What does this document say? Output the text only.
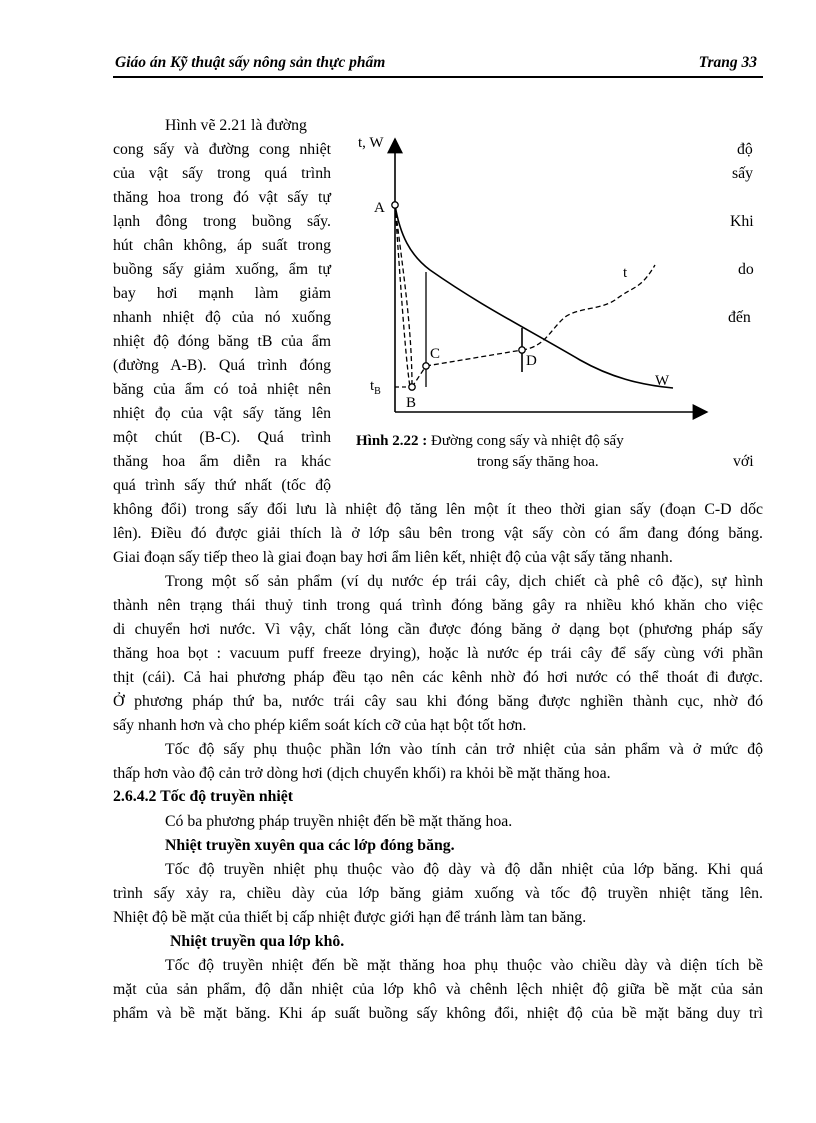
Giáo án Kỹ thuật sấy nông sản thực phẩm	Trang 33
Hình vẽ 2.21 là đường
cong sấy và đường cong nhiệt
của vật sấy trong quá trình
thăng hoa trong đó vật sấy tự
lạnh đông trong buồng sấy.
hút chân không, áp suất trong
buồng sấy giảm xuống, ẩm tự
bay hơi mạnh làm giảm
nhanh nhiệt độ của nó xuống
nhiệt độ đóng băng tB của ẩm
(đường A-B). Quá trình đóng
băng của ẩm có toả nhiệt nên
nhiệt đọ của vật sấy tăng lên
một chút (B-C). Quá trình
thăng hoa ẩm diễn ra khác
quá trình sấy thứ nhất (tốc độ
độ
sấy
Khi
do
đến
với
t, W
W
t
$t_B$
A
B
C	D
Hình 2.22 : Đường cong sấy và nhiệt độ sấy
trong sấy thăng hoa.
không đổi) trong sấy đối lưu là nhiệt độ tăng lên một ít theo thời gian sấy (đoạn C-D dốc
lên). Điều đó được giải thích là ở lớp sâu bên trong vật sấy còn có ẩm đang đóng băng.
Giai đoạn sấy tiếp theo là giai đoạn bay hơi ẩm liên kết, nhiệt độ của vật sấy tăng nhanh.
Trong một số sản phẩm (ví dụ nước ép trái cây, dịch chiết cà phê cô đặc), sự hình
thành nên trạng thái thuỷ tinh trong quá trình đóng băng gây ra nhiều khó khăn cho việc
di chuyển hơi nước. Vì vậy, chất lỏng cần được đóng băng ở dạng bọt (phương pháp sấy
thăng hoa bọt : vacuum puff freeze drying), hoặc là nước ép trái cây để sấy cùng với phần
thịt (cái). Cả hai phương pháp đều tạo nên các kênh nhờ đó hơi nước có thể thoát đi được.
Ở phương pháp thứ ba, nước trái cây sau khi đóng băng được nghiền thành cục, nhờ đó
sấy nhanh hơn và cho phép kiểm soát kích cỡ của hạt bột tốt hơn.
Tốc độ sấy phụ thuộc phần lớn vào tính cản trở nhiệt của sản phẩm và ở mức độ
thấp hơn vào độ cản trở dòng hơi (dịch chuyển khối) ra khỏi bề mặt thăng hoa.
2.6.4.2 Tốc độ truyền nhiệt
Có ba phương pháp truyền nhiệt đến bề mặt thăng hoa.
Nhiệt truyền xuyên qua các lớp đóng băng.
Tốc độ truyền nhiệt phụ thuộc vào độ dày và độ dẫn nhiệt của lớp băng. Khi quá
trình sấy xảy ra, chiều dày của lớp băng giảm xuống và tốc độ truyền nhiệt tăng lên.
Nhiệt độ bề mặt của thiết bị cấp nhiệt được giới hạn để tránh làm tan băng.
Nhiệt truyền qua lớp khô.
Tốc độ truyền nhiệt đến bề mặt thăng hoa phụ thuộc vào chiều dày và diện tích bề
mặt của sản phẩm, độ dẫn nhiệt của lớp khô và chênh lệch nhiệt độ giữa bề mặt của sản
phẩm và bề mặt băng. Khi áp suất buồng sấy không đổi, nhiệt độ của bề mặt băng duy trì
